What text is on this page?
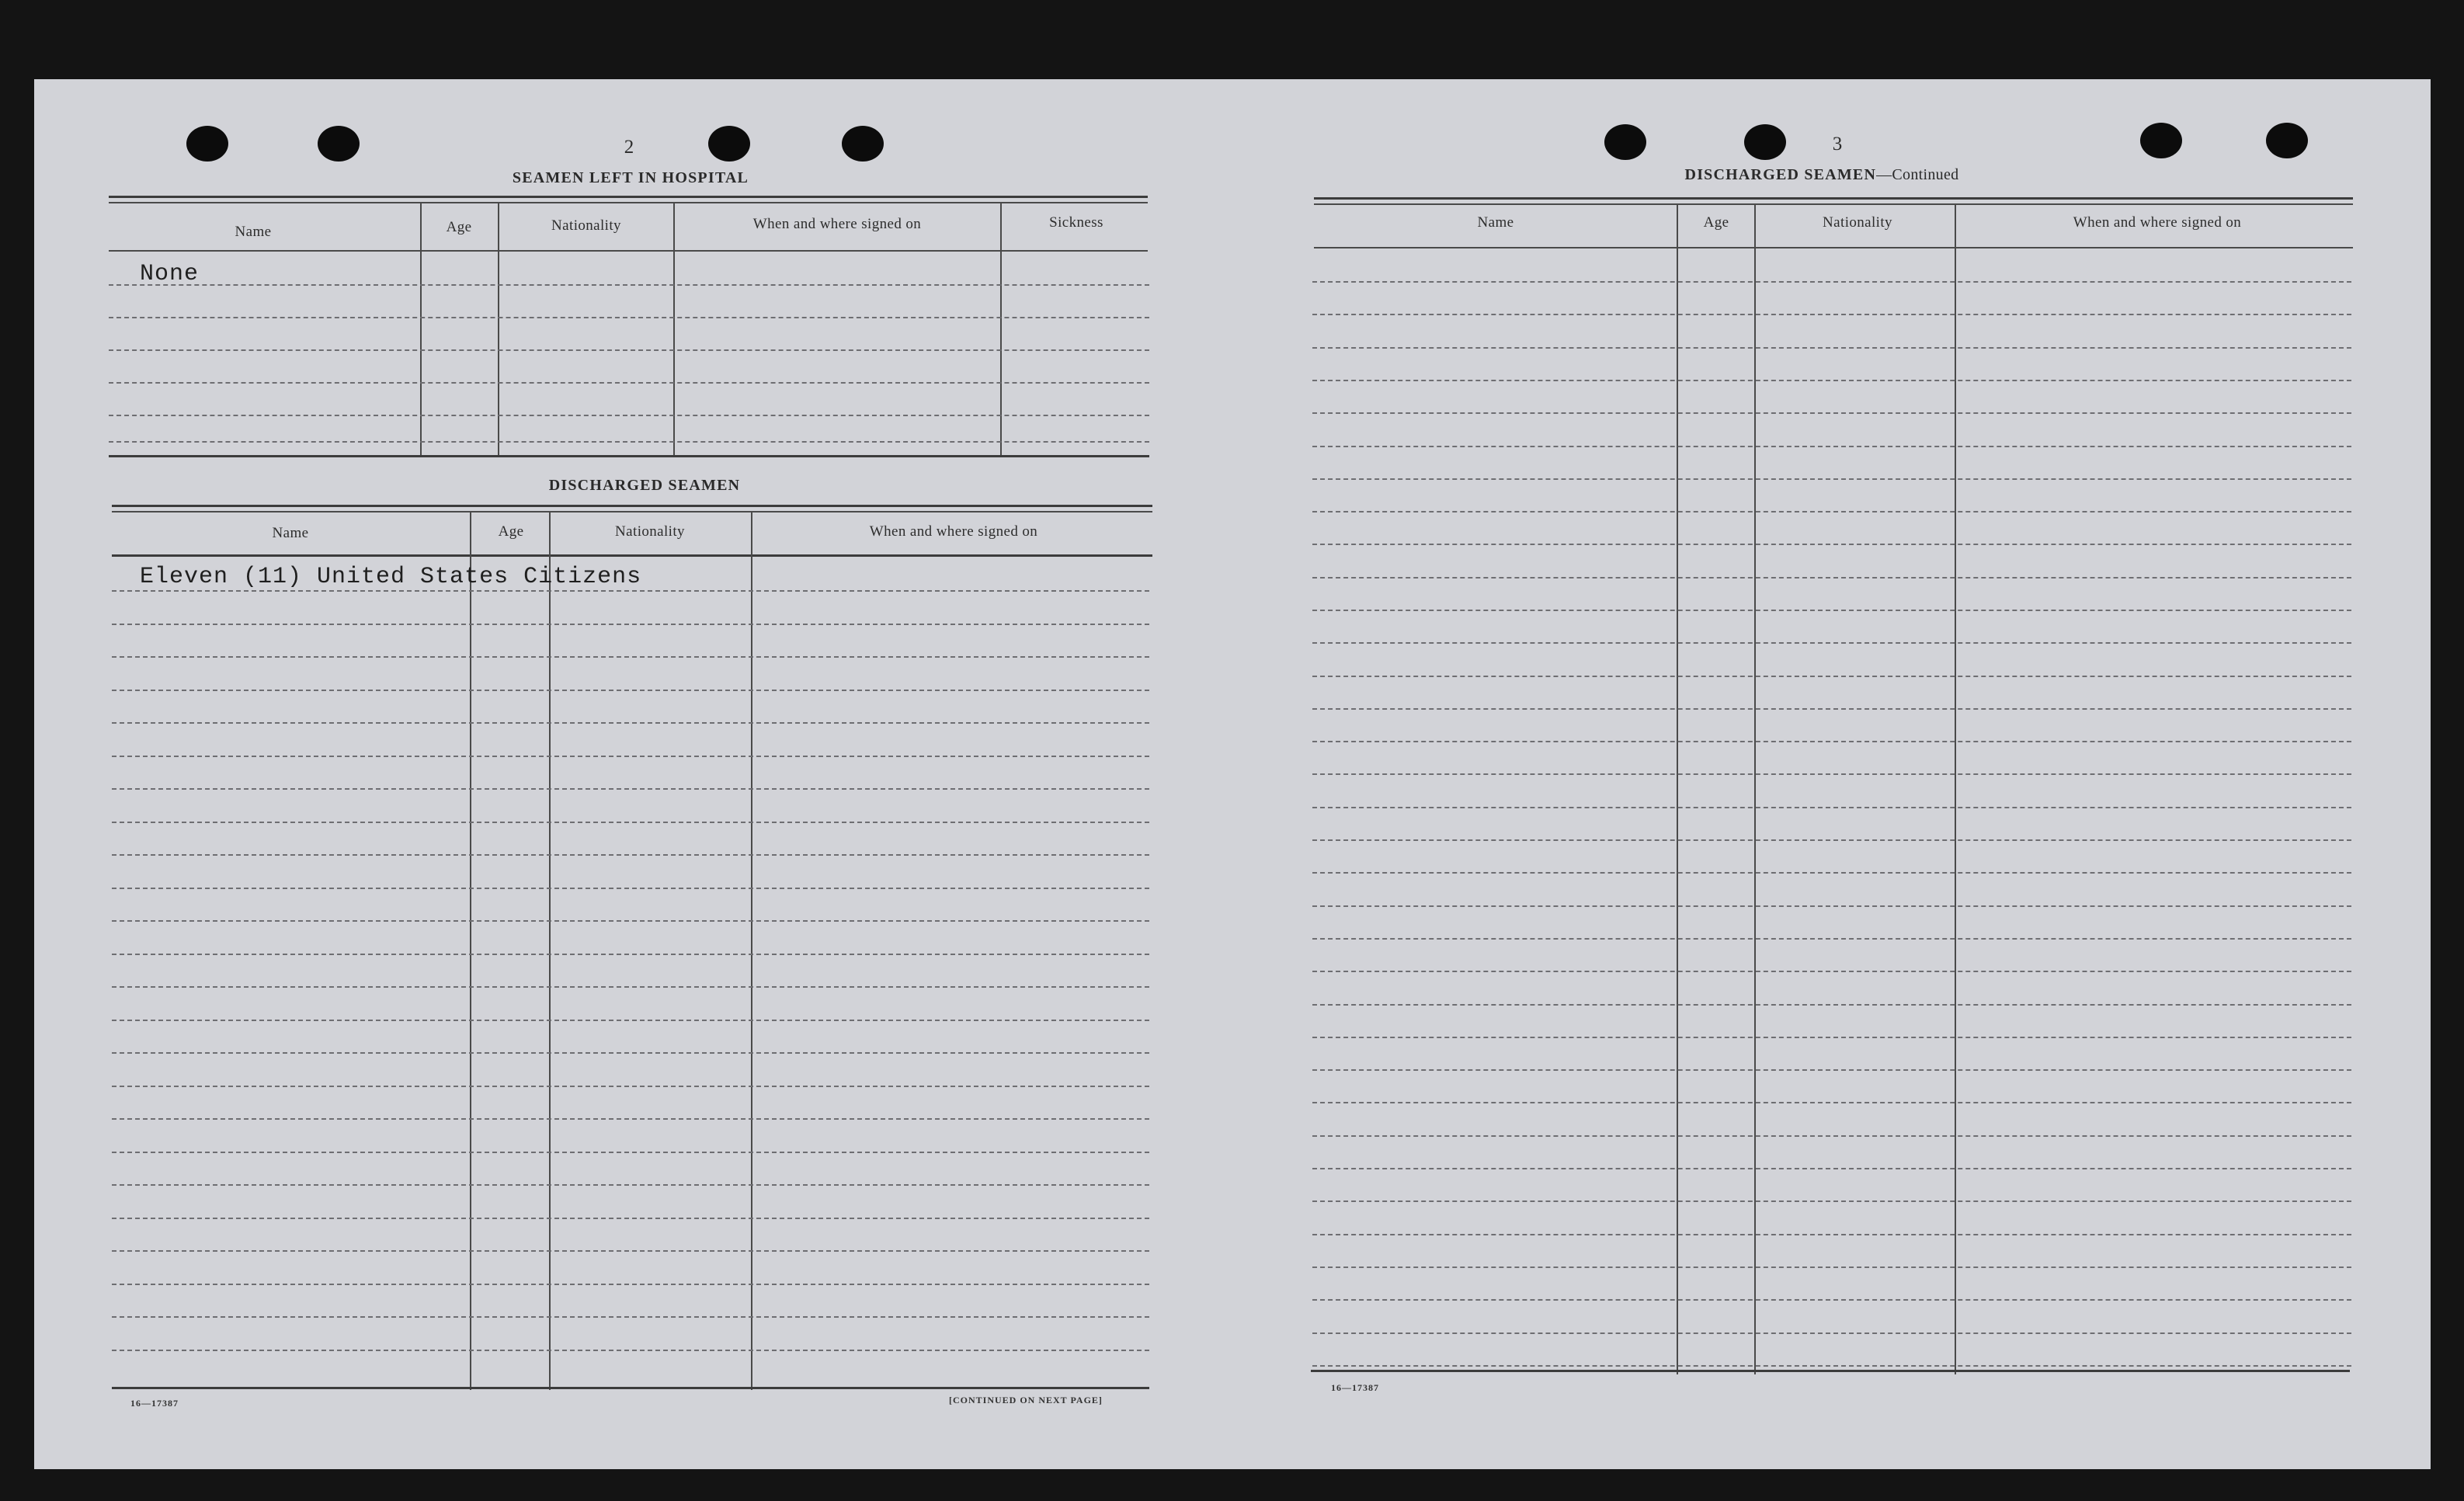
2	3
SEAMEN LEFT IN HOSPITAL
Name	Age	Nationality	When and where signed on	Sickness
None
DISCHARGED SEAMEN
Name	Age	Nationality	When and where signed on
Eleven (11) United States Citizens
16—17387	[CONTINUED ON NEXT PAGE]
DISCHARGED SEAMEN—Continued
Name	Age	Nationality	When and where signed on
16—17387
